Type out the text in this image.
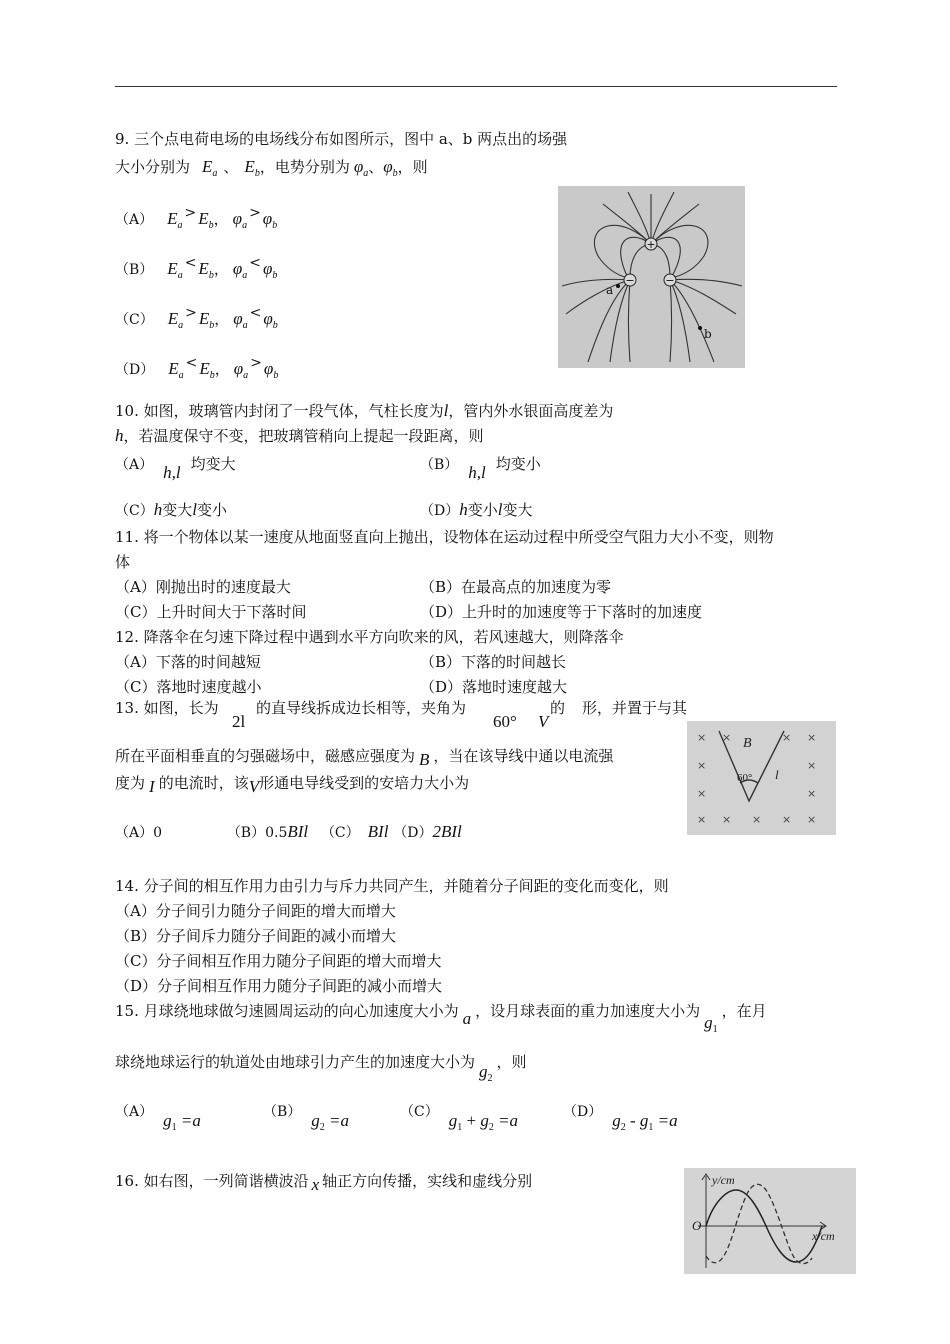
9. 三个点电荷电场的电场线分布如图所示，图中 a、b 两点出的场强
大小分别为 $E_a$ 、 $E_b$，电势分别为 $\varphi_a$、$\varphi_b$，则
（A） $E_a> E_b$， $\varphi_a> \varphi_b$
（B） $E_a< E_b$， $\varphi_a< \varphi_b$
（C） $E_a> E_b$， $\varphi_a< \varphi_b$
（D） $E_a< E_b$， $\varphi_a> \varphi_b$
+
−	−
a
b
10. 如图，玻璃管内封闭了一段气体，气柱长度为l，管内外水银面高度差为
h，若温度保守不变，把玻璃管稍向上提起一段距离，则
（A） h,l 均变大	（B） h,l 均变小
（C）h变大l变小	（D）h变小l变大
11. 将一个物体以某一速度从地面竖直向上抛出，设物体在运动过程中所受空气阻力大小不变，则物
体
（A）刚抛出时的速度最大	（B）在最高点的加速度为零
（C）上升时间大于下落时间	（D）上升时的加速度等于下落时的加速度
12. 降落伞在匀速下降过程中遇到水平方向吹来的风，若风速越大，则降落伞
（A）下落的时间越短	（B）下落的时间越长
（C）落地时速度越小	（D）落地时速度越大
13. 如图，长为
2l
的直导线拆成边长相等，夹角为
60°
的
V
形，并置于与其
所在平面相垂直的匀强磁场中，磁感应强度为 B ，当在该导线中通以电流强
度为 I 的电流时，该V形通电导线受到的安培力大小为
（A）0	（B）0.5BIl （C） BIl （D）2BIl
× ×	× ×
×	×
×	×
× × × × ×
B
60° l
14. 分子间的相互作用力由引力与斥力共同产生，并随着分子间距的变化而变化，则
（A）分子间引力随分子间距的增大而增大
（B）分子间斥力随分子间距的减小而增大
（C）分子间相互作用力随分子间距的增大而增大
（D）分子间相互作用力随分子间距的减小而增大
15. 月球绕地球做匀速圆周运动的向心加速度大小为 a ，设月球表面的重力加速度大小为$g_1$，在月
球绕地球运行的轨道处由地球引力产生的加速度大小为 $g_2$，则
（A） $g_1 =a$	（B） $g_2 =a$	（C） $g_1 + g_2 =a$	（D） $g_2 - g_1 =a$
16. 如右图，一列简谐横波沿 x 轴正方向传播，实线和虚线分别	y/cm
x/cm
O
